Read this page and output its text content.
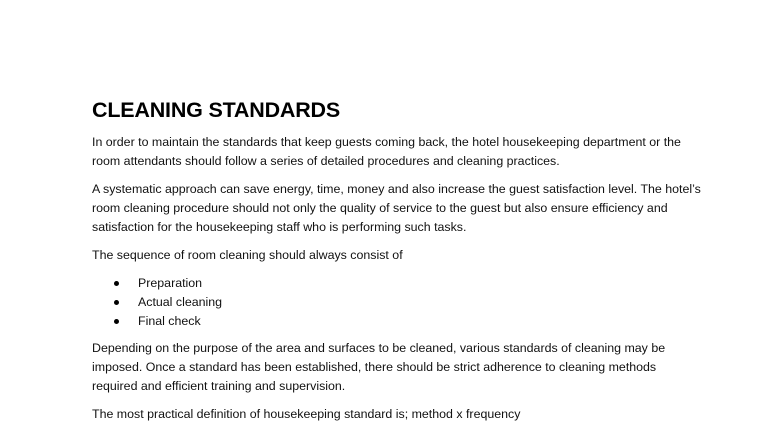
CLEANING STANDARDS

In order to maintain the standards that keep guests coming back, the hotel housekeeping department or the room attendants should follow a series of detailed procedures and cleaning practices.

A systematic approach can save energy, time, money and also increase the guest satisfaction level. The hotel’s room cleaning procedure should not only the quality of service to the guest but also ensure efficiency and satisfaction for the housekeeping staff who is performing such tasks.

The sequence of room cleaning should always consist of

Preparation
Actual cleaning
Final check

Depending on the purpose of the area and surfaces to be cleaned, various standards of cleaning may be imposed. Once a standard has been established, there should be strict adherence to cleaning methods required and efficient training and supervision.

The most practical definition of housekeeping standard is; method x frequency
